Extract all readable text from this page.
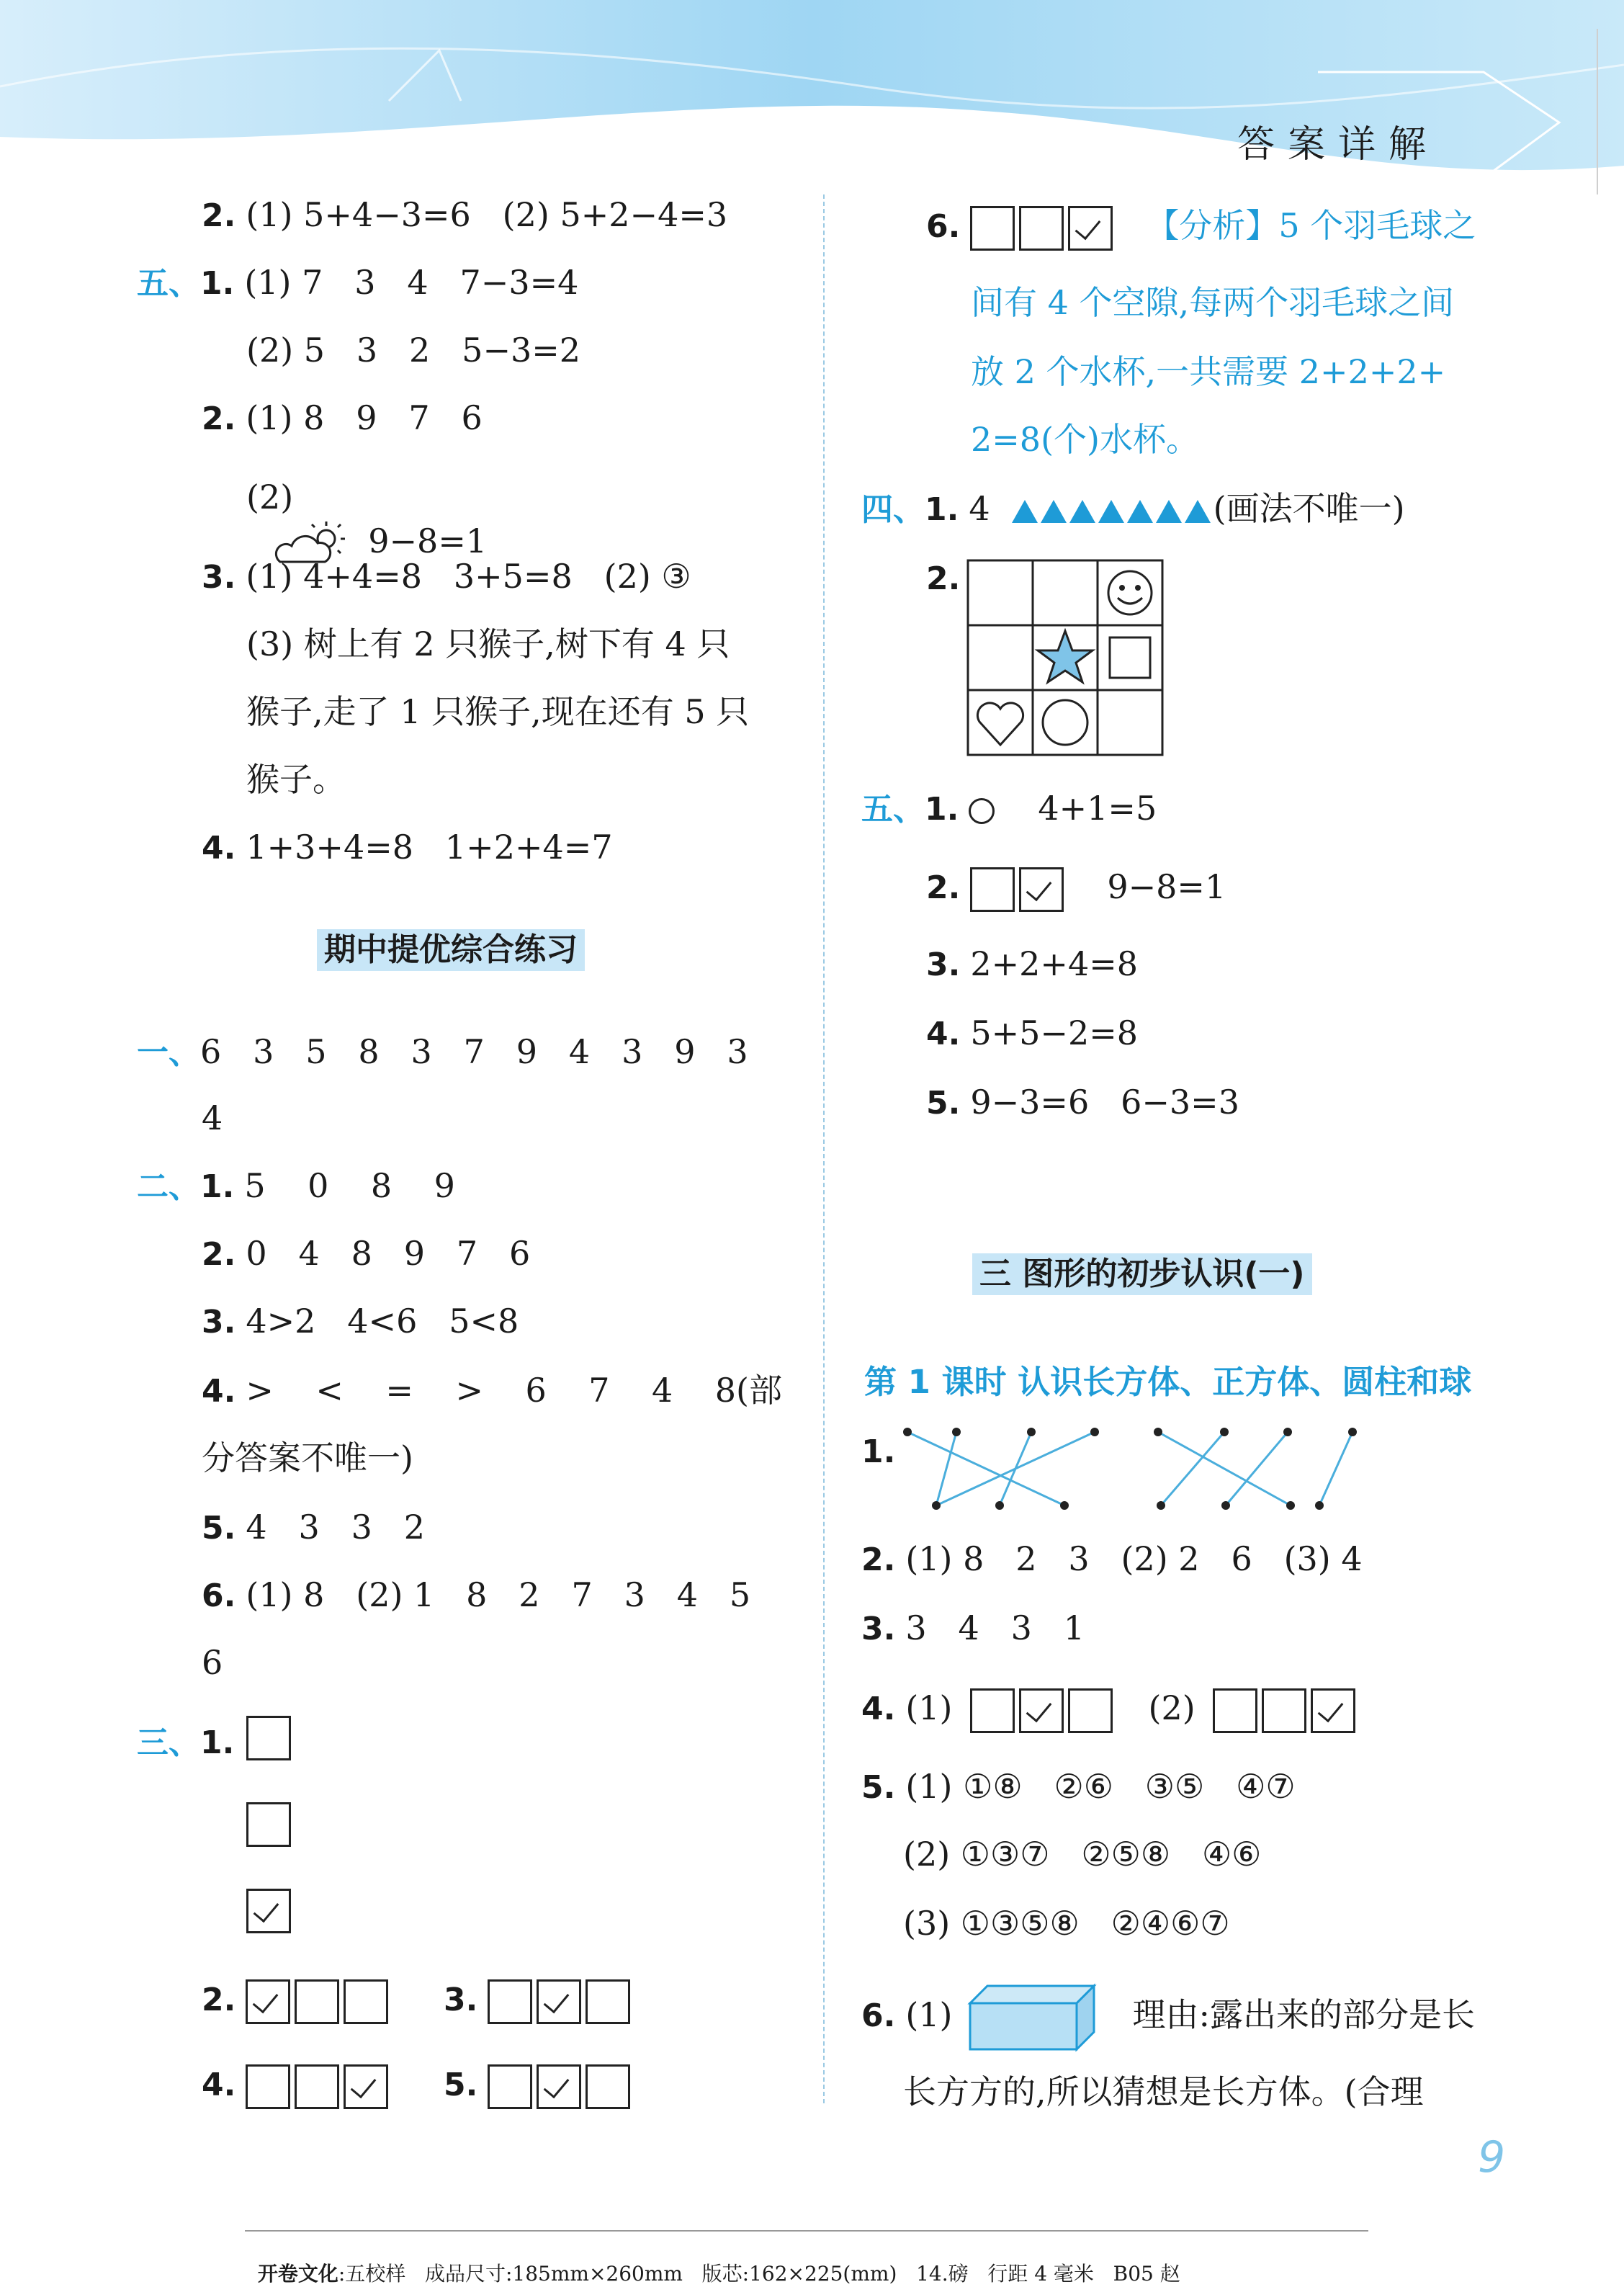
答案详解
2. (1) 5+4−3=6   (2) 5+2−4=3
五、1. (1) 7   3   4   7−3=4
(2) 5   3   2   5−3=2
2. (1) 8   9   7   6
(2)
9−8=1
3. (1) 4+4=8   3+5=8   (2) ③
(3) 树上有 2 只猴子,树下有 4 只
猴子,走了 1 只猴子,现在还有 5 只
猴子。
4. 1+3+4=8   1+2+4=7
期中提优综合练习
一、6   3   5   8   3   7   9   4   3   9   3
4
二、1. 5    0    8    9
2. 0   4   8   9   7   6
3. 4>2   4<6   5<8
4. >    <    =    >    6    7    4    8(部
分答案不唯一)
5. 4   3   3   2
6. (1) 8   (2) 1   8   2   7   3   4   5
6
三、1.
2.	3.
4.	5.
6.	【分析】5 个羽毛球之
间有 4 个空隙,每两个羽毛球之间
放 2 个水杯,一共需要 2+2+2+
2=8(个)水杯。
四、1. 4	(画法不唯一)
2.
五、1. 4+1=5
2.	9−8=1
3. 2+2+4=8
4. 5+5−2=8
5. 9−3=6   6−3=3
三 图形的初步认识(一)
第 1 课时 认识长方体、正方体、圆柱和球
1.
2. (1) 8   2   3   (2) 2   6   (3) 4
3. 3   4   3   1
4. (1)	(2)
5. (1) ①⑧   ②⑥   ③⑤   ④⑦
(2) ①③⑦   ②⑤⑧   ④⑥
(3) ①③⑤⑧   ②④⑥⑦
6. (1)	理由:露出来的部分是长
长方方的,所以猜想是长方体。(合理
9

开卷文化:五校样   成品尺寸:185mm×260mm   版芯:162×225(mm)   14.磅   行距 4 毫米   B05 赵
